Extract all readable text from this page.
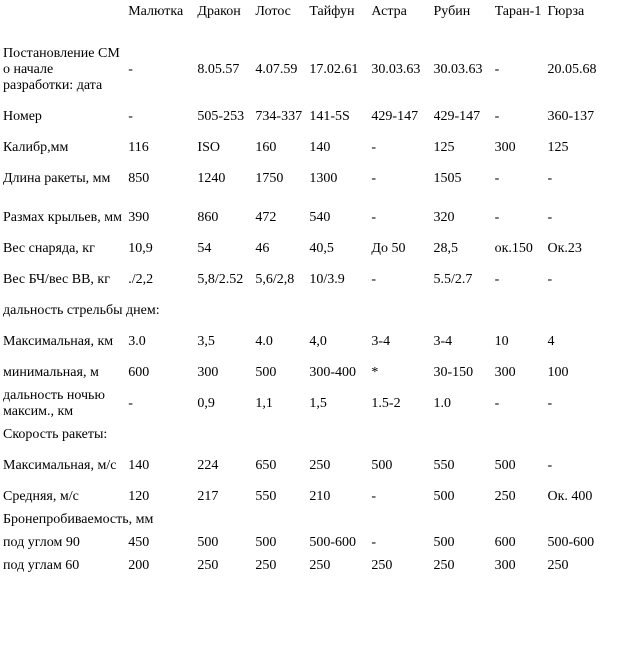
	Малютка	Дракон	Лотос	Тайфун	Астра	Рубин	Таран-1	Гюрза
Постановление СМ о начале разработки: дата	-	8.05.57	4.07.59	17.02.61	30.03.63	30.03.63	-	20.05.68
Номер	-	505-253	734-337	141-5S	429-147	429-147	-	360-137
Калибр,мм	116	ISO	160	140	-	125	300	125
Длина ракеты, мм	850	1240	1750	1300	-	1505	-	-
Размах крыльев, мм	390	860	472	540	-	320	-	-
Вес снаряда, кг	10,9	54	46	40,5	До 50	28,5	ок.150	Ок.23
Вес БЧ/вес ВВ, кг	./2,2	5,8/2.52	5,6/2,8	10/3.9	-	5.5/2.7	-	-
дальность стрельбы днем:								
Максимальная, км	3.0	3,5	4.0	4,0	3-4	3-4	10	4
минимальная, м	600	300	500	300-400	*	30-150	300	100
дальность ночью максим., км	-	0,9	1,1	1,5	1.5-2	1.0	-	-
Скорость ракеты:								
Максимальная, м/с	140	224	650	250	500	550	500	-
Средняя, м/с	120	217	550	210	-	500	250	Ок. 400
Бронепробиваемость, мм								
под углом 90	450	500	500	500-600	-	500	600	500-600
под углам 60	200	250	250	250	250	250	300	250
